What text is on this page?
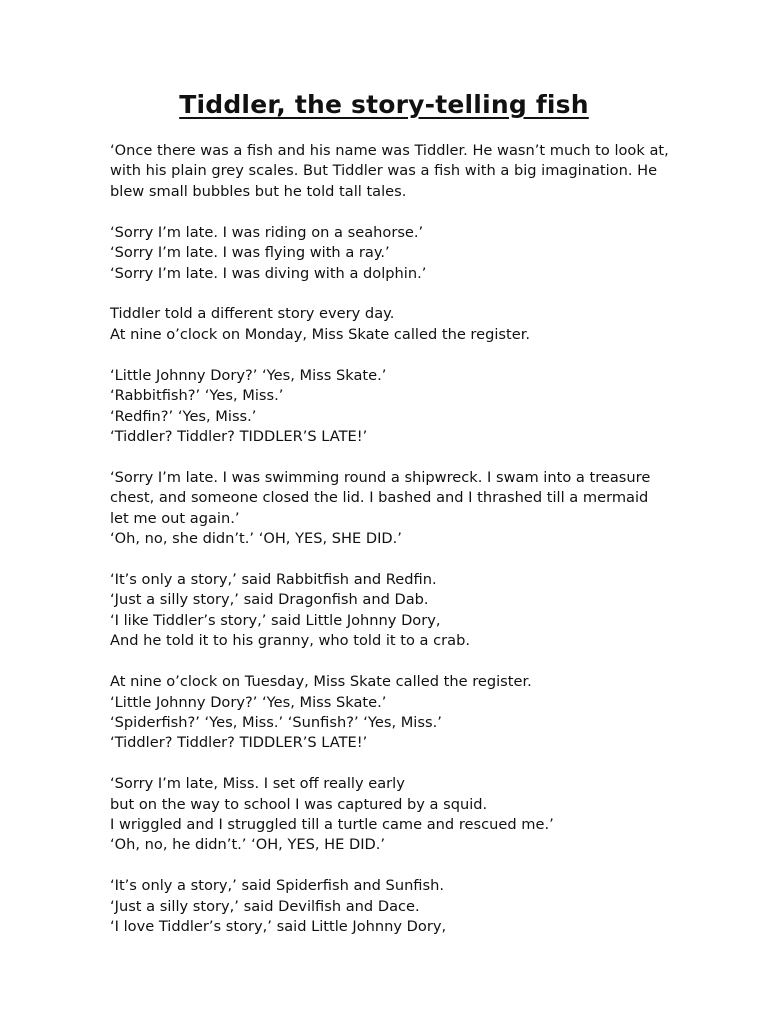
Tiddler, the story-telling fish
‘Once there was a fish and his name was Tiddler. He wasn’t much to look at,
with his plain grey scales. But Tiddler was a fish with a big imagination. He
blew small bubbles but he told tall tales.
‘Sorry I’m late. I was riding on a seahorse.’
‘Sorry I’m late. I was flying with a ray.’
‘Sorry I’m late. I was diving with a dolphin.’
Tiddler told a different story every day.
At nine o’clock on Monday, Miss Skate called the register.
‘Little Johnny Dory?’ ‘Yes, Miss Skate.’
‘Rabbitfish?’ ‘Yes, Miss.’
‘Redfin?’ ‘Yes, Miss.’
‘Tiddler? Tiddler? TIDDLER’S LATE!’
‘Sorry I’m late. I was swimming round a shipwreck. I swam into a treasure
chest, and someone closed the lid. I bashed and I thrashed till a mermaid
let me out again.’
‘Oh, no, she didn’t.’ ‘OH, YES, SHE DID.’
‘It’s only a story,’ said Rabbitfish and Redfin.
‘Just a silly story,’ said Dragonfish and Dab.
‘I like Tiddler’s story,’ said Little Johnny Dory,
And he told it to his granny, who told it to a crab.
At nine o’clock on Tuesday, Miss Skate called the register.
‘Little Johnny Dory?’ ‘Yes, Miss Skate.’
‘Spiderfish?’ ‘Yes, Miss.’ ‘Sunfish?’ ‘Yes, Miss.’
‘Tiddler? Tiddler? TIDDLER’S LATE!’
‘Sorry I’m late, Miss. I set off really early
but on the way to school I was captured by a squid.
I wriggled and I struggled till a turtle came and rescued me.’
‘Oh, no, he didn’t.’ ‘OH, YES, HE DID.’
‘It’s only a story,’ said Spiderfish and Sunfish.
‘Just a silly story,’ said Devilfish and Dace.
‘I love Tiddler’s story,’ said Little Johnny Dory,
